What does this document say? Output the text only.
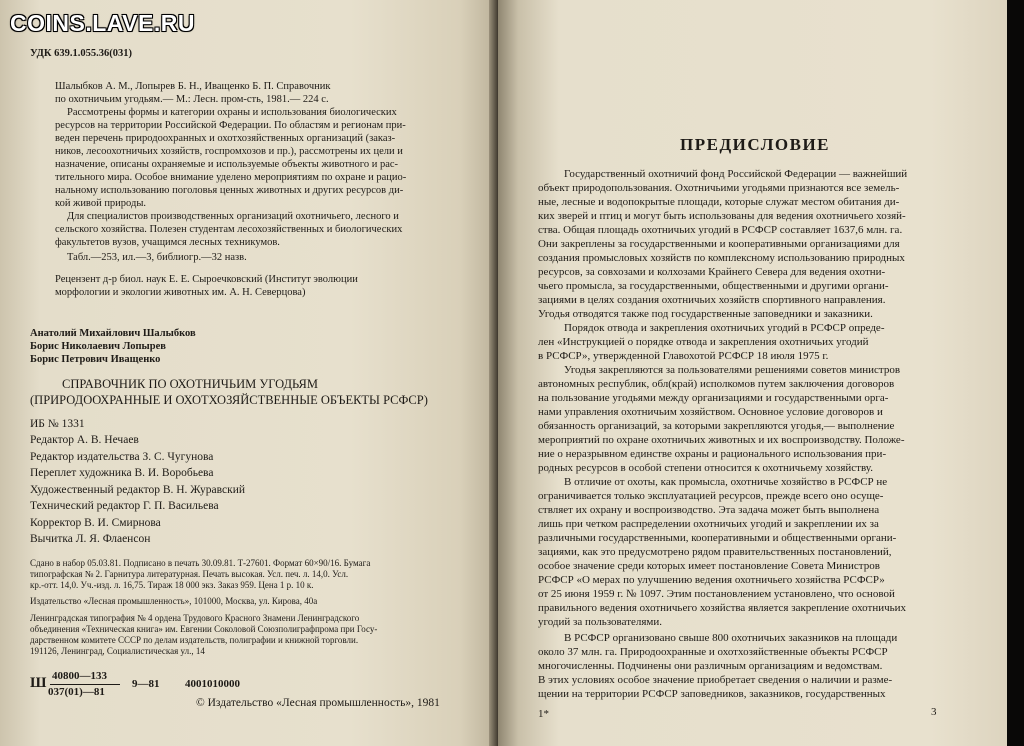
COINS.LAVE.RU

УДК 639.1.055.36(031)

Шалыбков А. М., Лопырев Б. Н., Иващенко Б. П. Справочник

по охотничьим угодьям.— М.: Лесн. пром-сть, 1981.— 224 с.

Рассмотрены формы и категории охраны и использования биологических

ресурсов на территории Российской Федерации. По областям и регионам при-

веден перечень природоохранных и охотхозяйственных организаций (заказ-

ников, лесоохотничьих хозяйств, госпромхозов и пр.), рассмотрены их цели и

назначение, описаны охраняемые и используемые объекты животного и рас-

тительного мира. Особое внимание уделено мероприятиям по охране и рацио-

нальному использованию поголовья ценных животных и других ресурсов ди-

кой живой природы.

Для специалистов производственных организаций охотничьего, лесного и

сельского хозяйства. Полезен студентам лесохозяйственных и биологических

факультетов вузов, учащимся лесных техникумов.

Табл.—253, ил.—3, библиогр.—32 назв.

Рецензент д-р биол. наук Е. Е. Сыроечковский (Институт эволюции

морфологии и экологии животных им. А. Н. Северцова)

Анатолий Михайлович Шалыбков

Борис Николаевич Лопырев

Борис Петрович Иващенко

СПРАВОЧНИК ПО ОХОТНИЧЬИМ УГОДЬЯМ

(ПРИРОДООХРАННЫЕ И ОХОТХОЗЯЙСТВЕННЫЕ ОБЪЕКТЫ РСФСР)

ИБ № 1331

Редактор А. В. Нечаев

Редактор издательства З. С. Чугунова

Переплет художника В. И. Воробьева

Художественный редактор В. Н. Журавский

Технический редактор Г. П. Васильева

Корректор В. И. Смирнова

Вычитка Л. Я. Флаенсон

Сдано в набор 05.03.81. Подписано в печать 30.09.81. Т-27601. Формат 60×90/16. Бумага

типографская № 2. Гарнитура литературная. Печать высокая. Усл. печ. л. 14,0. Усл.

кр.-отт. 14,0. Уч.-изд. л. 16,75. Тираж 18 000 экз. Заказ 959. Цена 1 р. 10 к.

Издательство «Лесная промышленность», 101000, Москва, ул. Кирова, 40а

Ленинградская типография № 4 ордена Трудового Красного Знамени Ленинградского

объединения «Техническая книга» им. Евгении Соколовой Союзполиграфпрома при Госу-

дарственном комитете СССР по делам издательств, полиграфии и книжной торговли.

191126, Ленинград, Социалистическая ул., 14

Ш 40800—133
037(01)—81
9—81 4001010000

© Издательство «Лесная промышленность», 1981

ПРЕДИСЛОВИЕ

Государственный охотничий фонд Российской Федерации — важнейший

объект природопользования. Охотничьими угодьями признаются все земель-

ные, лесные и водопокрытые площади, которые служат местом обитания ди-

ких зверей и птиц и могут быть использованы для ведения охотничьего хозяй-

ства. Общая площадь охотничьих угодий в РСФСР составляет 1637,6 млн. га.

Они закреплены за государственными и кооперативными организациями для

создания промысловых хозяйств по комплексному использованию природных

ресурсов, за совхозами и колхозами Крайнего Севера для ведения охотни-

чьего промысла, за государственными, общественными и другими органи-

зациями в целях создания охотничьих хозяйств спортивного направления.

Угодья отводятся также под государственные заповедники и заказники.

Порядок отвода и закрепления охотничьих угодий в РСФСР опреде-

лен «Инструкцией о порядке отвода и закрепления охотничьих угодий

в РСФСР», утвержденной Главохотой РСФСР 18 июля 1975 г.

Угодья закрепляются за пользователями решениями советов министров

автономных республик, обл(край) исполкомов путем заключения договоров

на пользование угодьями между организациями и государственными орга-

нами управления охотничьим хозяйством. Основное условие договоров и

обязанность организаций, за которыми закрепляются угодья,— выполнение

мероприятий по охране охотничьих животных и их воспроизводству. Положе-

ние о неразрывном единстве охраны и рационального использования при-

родных ресурсов в особой степени относится к охотничьему хозяйству.

В отличие от охоты, как промысла, охотничье хозяйство в РСФСР не

ограничивается только эксплуатацией ресурсов, прежде всего оно осуще-

ствляет их охрану и воспроизводство. Эта задача может быть выполнена

лишь при четком распределении охотничьих угодий и закреплении их за

различными государственными, кооперативными и общественными органи-

зациями, как это предусмотрено рядом правительственных постановлений,

особое значение среди которых имеет постановление Совета Министров

РСФСР «О мерах по улучшению ведения охотничьего хозяйства РСФСР»

от 25 июня 1959 г. № 1097. Этим постановлением установлено, что основой

правильного ведения охотничьего хозяйства является закрепление охотничьих

угодий за пользователями.

В РСФСР организовано свыше 800 охотничьих заказников на площади

около 37 млн. га. Природоохранные и охотхозяйственные объекты РСФСР

многочисленны. Подчинены они различным организациям и ведомствам.

В этих условиях особое значение приобретает сведения о наличии и разме-

щении на территории РСФСР заповедников, заказников, государственных

1*	3
